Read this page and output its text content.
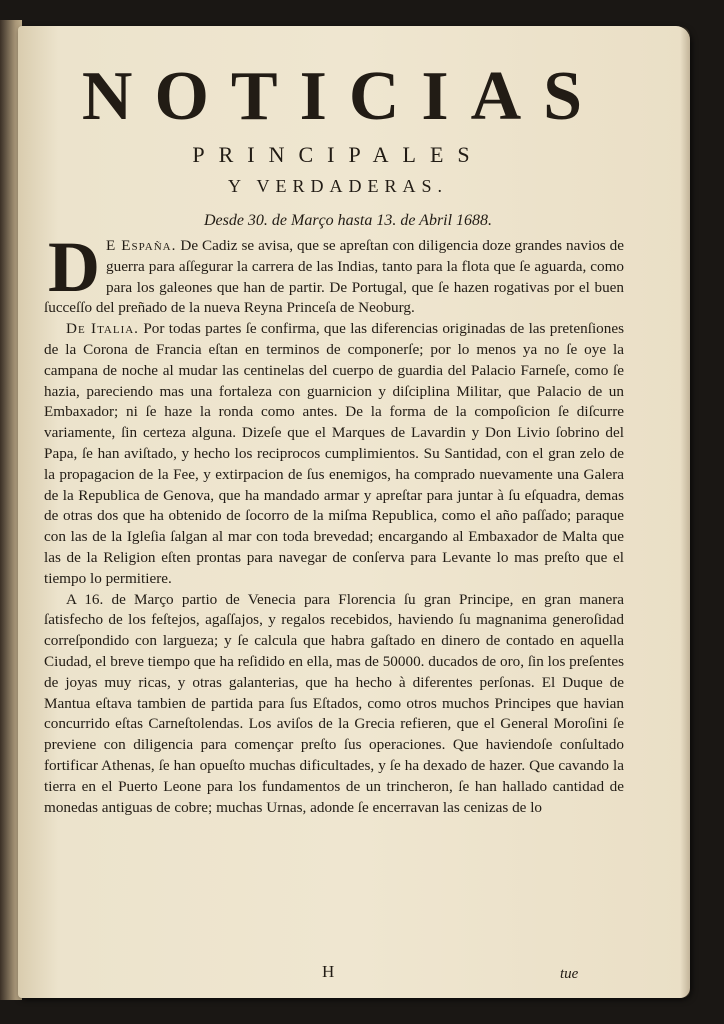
NOTICIAS
PRINCIPALES
Y VERDADERAS.
Desde 30. de Março hasta 13. de Abril 1688.

D E España. De Cadiz se avisa, que se apreſtan con diligencia doze grandes navios de guerra para aſſegurar la carrera de las Indias, tanto para la flota que ſe aguarda, como para los galeones que han de partir. De Portugal, que ſe hazen rogativas por el buen ſucceſſo del preñado de la nueva Reyna Princeſa de Neoburg.

De Italia. Por todas partes ſe confirma, que las diferencias originadas de las pretenſiones de la Corona de Francia eſtan en terminos de componerſe; por lo menos ya no ſe oye la campana de noche al mudar las centinelas del cuerpo de guardia del Palacio Farneſe, como ſe hazia, pareciendo mas una fortaleza con guarnicion y diſciplina Militar, que Palacio de un Embaxador; ni ſe haze la ronda como antes. De la forma de la compoſicion ſe diſcurre variamente, ſin certeza alguna. Dizeſe que el Marques de Lavardin y Don Livio ſobrino del Papa, ſe han aviſtado, y hecho los reciprocos cumplimientos. Su Santidad, con el gran zelo de la propagacion de la Fee, y extirpacion de ſus enemigos, ha comprado nuevamente una Galera de la Republica de Genova, que ha mandado armar y apreſtar para juntar à ſu eſquadra, demas de otras dos que ha obtenido de ſocorro de la miſma Republica, como el año paſſado; paraque con las de la Igleſia ſalgan al mar con toda brevedad; encargando al Embaxador de Malta que las de la Religion eſten prontas para navegar de conſerva para Levante lo mas preſto que el tiempo lo permitiere.

A 16. de Março partio de Venecia para Florencia ſu gran Principe, en gran manera ſatisfecho de los feſtejos, agaſſajos, y regalos recebidos, haviendo ſu magnanima generoſidad correſpondido con largueza; y ſe calcula que habra gaſtado en dinero de contado en aquella Ciudad, el breve tiempo que ha reſidido en ella, mas de 50000. ducados de oro, ſin los preſentes de joyas muy ricas, y otras galanterias, que ha hecho à diferentes perſonas. El Duque de Mantua eſtava tambien de partida para ſus Eſtados, como otros muchos Principes que havian concurrido eſtas Carneſtolendas. Los aviſos de la Grecia refieren, que el General Moroſini ſe previene con diligencia para començar preſto ſus operaciones. Que haviendoſe conſultado fortificar Athenas, ſe han opueſto muchas dificultades, y ſe ha dexado de hazer. Que cavando la tierra en el Puerto Leone para los fundamentos de un trincheron, ſe han hallado cantidad de monedas antiguas de cobre; muchas Urnas, adonde ſe encerravan las cenizas de lo

H	tue
